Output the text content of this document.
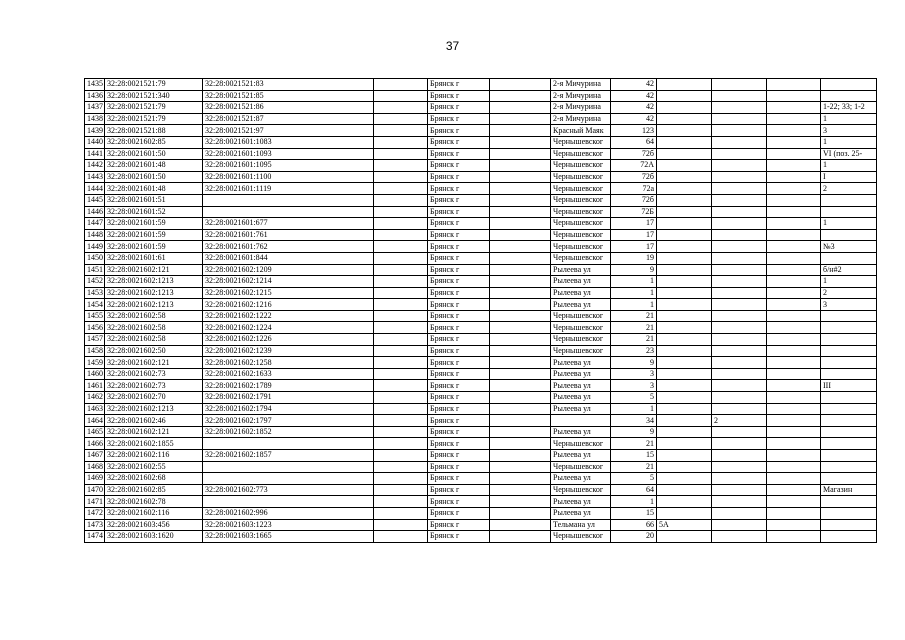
37
1435	32:28:0021521:79	32:28:0021521:83		Брянск г		2-я Мичурина	42				
1436	32:28:0021521:340	32:28:0021521:85		Брянск г		2-я Мичурина	42				
1437	32:28:0021521:79	32:28:0021521:86		Брянск г		2-я Мичурина	42				1-22; 33; 1-2
1438	32:28:0021521:79	32:28:0021521:87		Брянск г		2-я Мичурина	42				1
1439	32:28:0021521:88	32:28:0021521:97		Брянск г		Красный Маяк	123				3
1440	32:28:0021602:85	32:28:0021601:1083		Брянск г		Чернышевског	64				1
1441	32:28:0021601:50	32:28:0021601:1093		Брянск г		Чернышевског	72б				VI (поз. 25-
1442	32:28:0021601:48	32:28:0021601:1095		Брянск г		Чернышевског	72А				1
1443	32:28:0021601:50	32:28:0021601:1100		Брянск г		Чернышевског	72б				I
1444	32:28:0021601:48	32:28:0021601:1119		Брянск г		Чернышевског	72а				2
1445	32:28:0021601:51			Брянск г		Чернышевског	72б				
1446	32:28:0021601:52			Брянск г		Чернышевског	72Б				
1447	32:28:0021601:59	32:28:0021601:677		Брянск г		Чернышевског	17				1
1448	32:28:0021601:59	32:28:0021601:761		Брянск г		Чернышевског	17				
1449	32:28:0021601:59	32:28:0021601:762		Брянск г		Чернышевског	17				№3
1450	32:28:0021601:61	32:28:0021601:844		Брянск г		Чернышевског	19				
1451	32:28:0021602:121	32:28:0021602:1209		Брянск г		Рылеева ул	9				б/н#2
1452	32:28:0021602:1213	32:28:0021602:1214		Брянск г		Рылеева ул	1				1
1453	32:28:0021602:1213	32:28:0021602:1215		Брянск г		Рылеева ул	1				2
1454	32:28:0021602:1213	32:28:0021602:1216		Брянск г		Рылеева ул	1				3
1455	32:28:0021602:58	32:28:0021602:1222		Брянск г		Чернышевског	21				
1456	32:28:0021602:58	32:28:0021602:1224		Брянск г		Чернышевског	21				
1457	32:28:0021602:58	32:28:0021602:1226		Брянск г		Чернышевског	21				
1458	32:28:0021602:50	32:28:0021602:1239		Брянск г		Чернышевског	23				
1459	32:28:0021602:121	32:28:0021602:1258		Брянск г		Рылеева ул	9				
1460	32:28:0021602:73	32:28:0021602:1633		Брянск г		Рылеева ул	3				
1461	32:28:0021602:73	32:28:0021602:1789		Брянск г		Рылеева ул	3				III
1462	32:28:0021602:70	32:28:0021602:1791		Брянск г		Рылеева ул	5				
1463	32:28:0021602:1213	32:28:0021602:1794		Брянск г		Рылеева ул	1				
1464	32:28:0021602:46	32:28:0021602:1797		Брянск г			34		2		
1465	32:28:0021602:121	32:28:0021602:1852		Брянск г		Рылеева ул	9				
1466	32:28:0021602:1855			Брянск г		Чернышевског	21				
1467	32:28:0021602:116	32:28:0021602:1857		Брянск г		Рылеева ул	15				
1468	32:28:0021602:55			Брянск г		Чернышевског	21				
1469	32:28:0021602:68			Брянск г		Рылеева ул	5				
1470	32:28:0021602:85	32:28:0021602:773		Брянск г		Чернышевског	64				Магазин
1471	32:28:0021602:78			Брянск г		Рылеева ул	1				
1472	32:28:0021602:116	32:28:0021602:996		Брянск г		Рылеева ул	15				
1473	32:28:0021603:456	32:28:0021603:1223		Брянск г		Тельмана ул	66	5А			
1474	32:28:0021603:1620	32:28:0021603:1665		Брянск г		Чернышевског	20				
